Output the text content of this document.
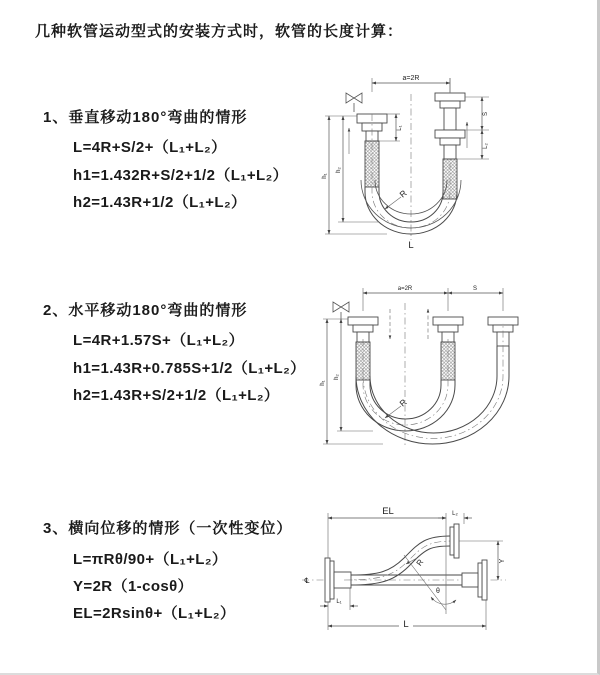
几种软管运动型式的安装方式时，软管的长度计算：
1、垂直移动180°弯曲的情形
L=4R+S/2+（L₁+L₂）
h1=1.432R+S/2+1/2（L₁+L₂）
h2=1.43R+1/2（L₁+L₂）
a=2R
L₁
S
L₂
h₁
h₂
R
L
2、水平移动180°弯曲的情形
L=4R+1.57S+（L₁+L₂）
h1=1.43R+0.785S+1/2（L₁+L₂）
h2=1.43R+S/2+1/2（L₁+L₂）
a=2R	S
h₁
h₂
R
3、横向位移的情形（一次性变位）
L=πRθ/90+（L₁+L₂）
Y=2R（1-cosθ）
EL=2Rsinθ+（L₁+L₂）
℄
EL	L₂
θ
R	Y
L₁
L
